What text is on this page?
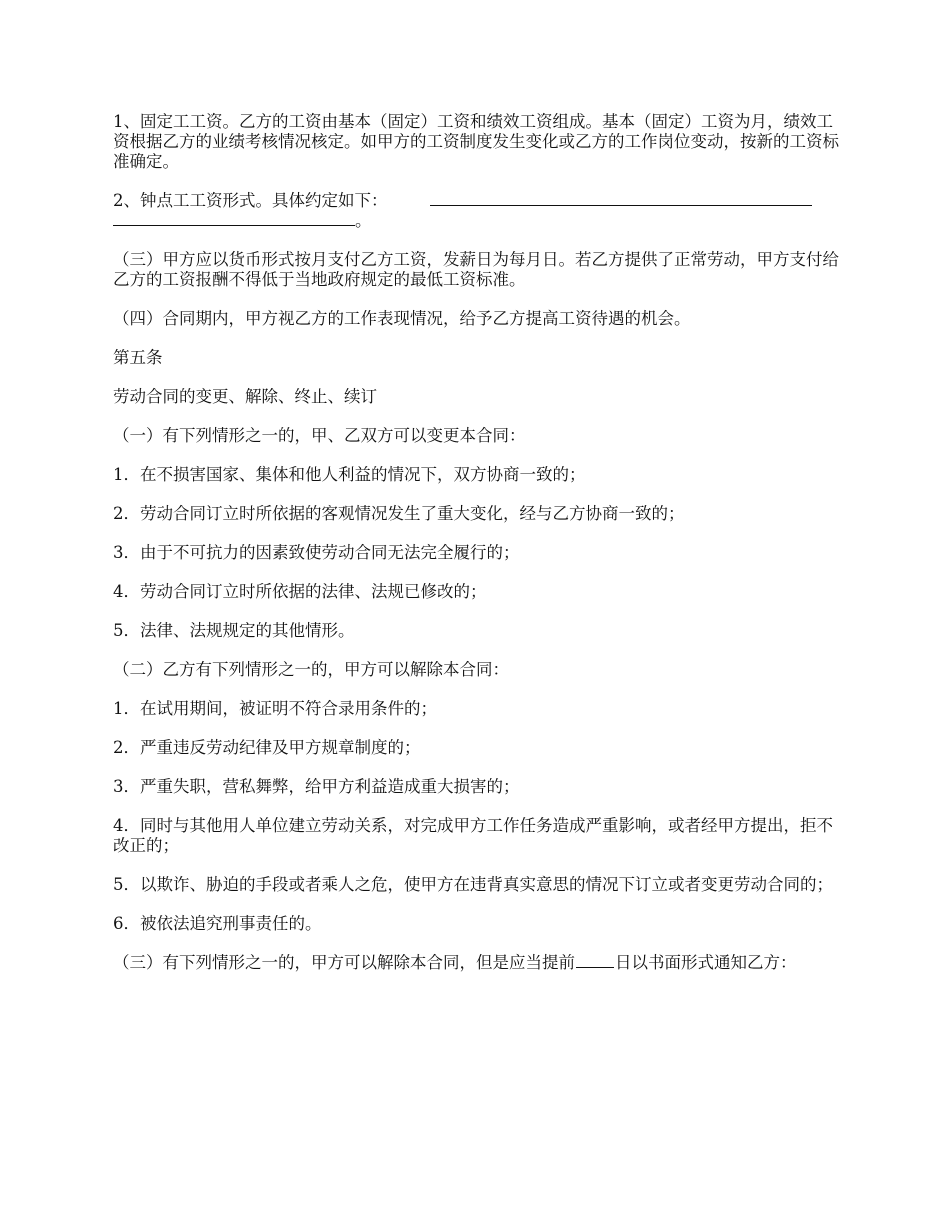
1、固定工工资。乙方的工资由基本（固定）工资和绩效工资组成。基本（固定）工资为月，绩效工资根据乙方的业绩考核情况核定。如甲方的工资制度发生变化或乙方的工作岗位变动，按新的工资标准确定。

2、钟点工工资形式。具体约定如下：
。

（三）甲方应以货币形式按月支付乙方工资，发薪日为每月日。若乙方提供了正常劳动，甲方支付给乙方的工资报酬不得低于当地政府规定的最低工资标准。

（四）合同期内，甲方视乙方的工作表现情况，给予乙方提高工资待遇的机会。

第五条

劳动合同的变更、解除、终止、续订

（一）有下列情形之一的，甲、乙双方可以变更本合同：

1．在不损害国家、集体和他人利益的情况下，双方协商一致的；

2．劳动合同订立时所依据的客观情况发生了重大变化，经与乙方协商一致的；

3．由于不可抗力的因素致使劳动合同无法完全履行的；

4．劳动合同订立时所依据的法律、法规已修改的；

5．法律、法规规定的其他情形。

（二）乙方有下列情形之一的，甲方可以解除本合同：

1．在试用期间，被证明不符合录用条件的；

2．严重违反劳动纪律及甲方规章制度的；

3．严重失职，营私舞弊，给甲方利益造成重大损害的；

4．同时与其他用人单位建立劳动关系，对完成甲方工作任务造成严重影响，或者经甲方提出，拒不改正的；

5．以欺诈、胁迫的手段或者乘人之危，使甲方在违背真实意思的情况下订立或者变更劳动合同的；

6．被依法追究刑事责任的。

（三）有下列情形之一的，甲方可以解除本合同，但是应当提前 日以书面形式通知乙方：
